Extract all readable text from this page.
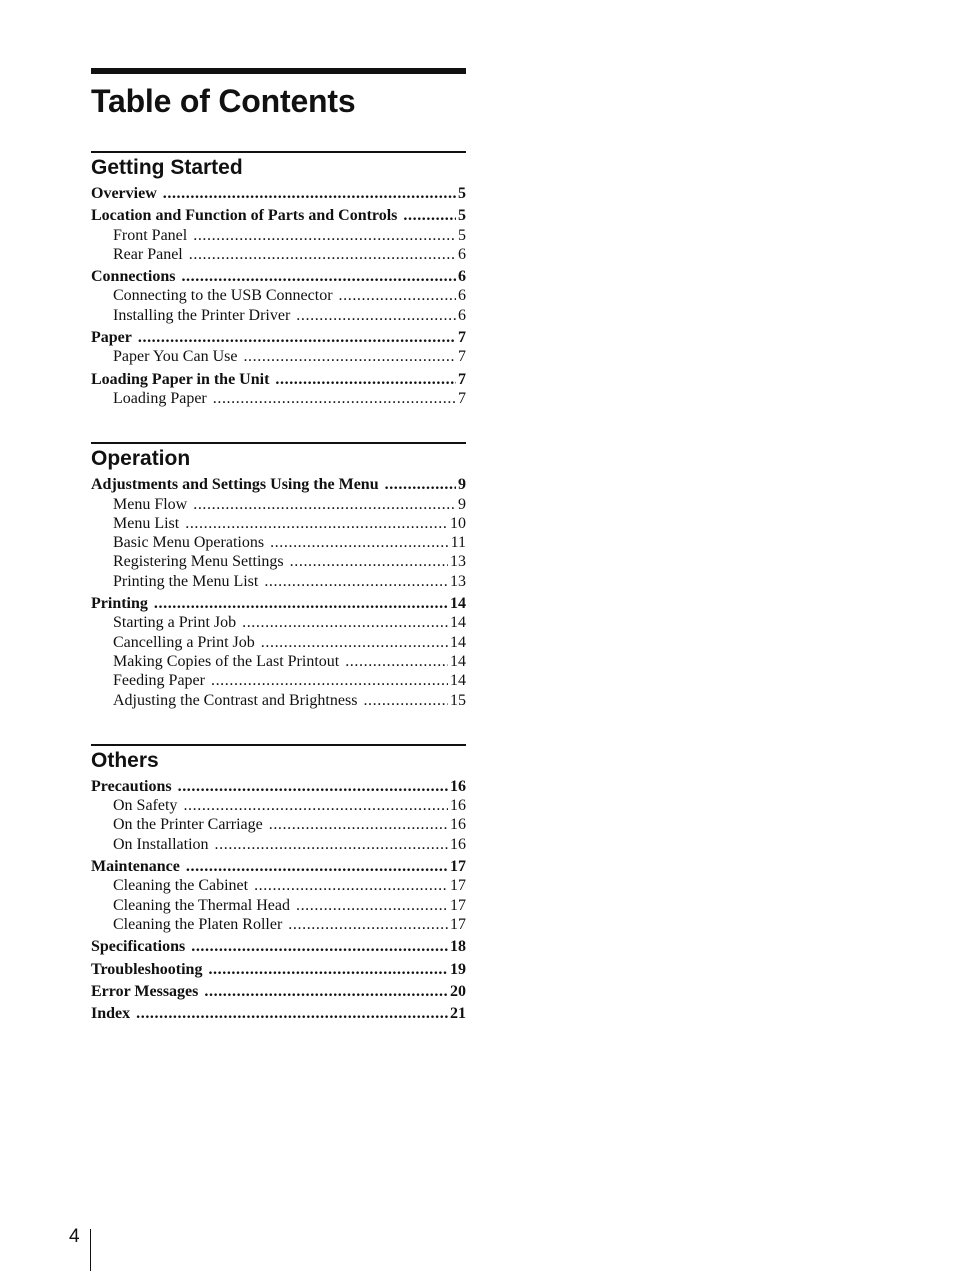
Table of Contents
Getting Started
Overview .....	5
Location and Function of Parts and Controls .....	5
Front Panel .....	5
Rear Panel .....	6
Connections .....	6
Connecting to the USB Connector .....	6
Installing the Printer Driver .....	6
Paper .....	7
Paper You Can Use .....	7
Loading Paper in the Unit .....	7
Loading Paper .....	7
Operation
Adjustments and Settings Using the Menu .....	9
Menu Flow .....	9
Menu List .....	10
Basic Menu Operations .....	11
Registering Menu Settings .....	13
Printing the Menu List .....	13
Printing .....	14
Starting a Print Job .....	14
Cancelling a Print Job .....	14
Making Copies of the Last Printout .....	14
Feeding Paper .....	14
Adjusting the Contrast and Brightness .....	15
Others
Precautions .....	16
On Safety .....	16
On the Printer Carriage .....	16
On Installation .....	16
Maintenance .....	17
Cleaning the Cabinet .....	17
Cleaning the Thermal Head .....	17
Cleaning the Platen Roller .....	17
Specifications .....	18
Troubleshooting .....	19
Error Messages .....	20
Index .....	21
4
